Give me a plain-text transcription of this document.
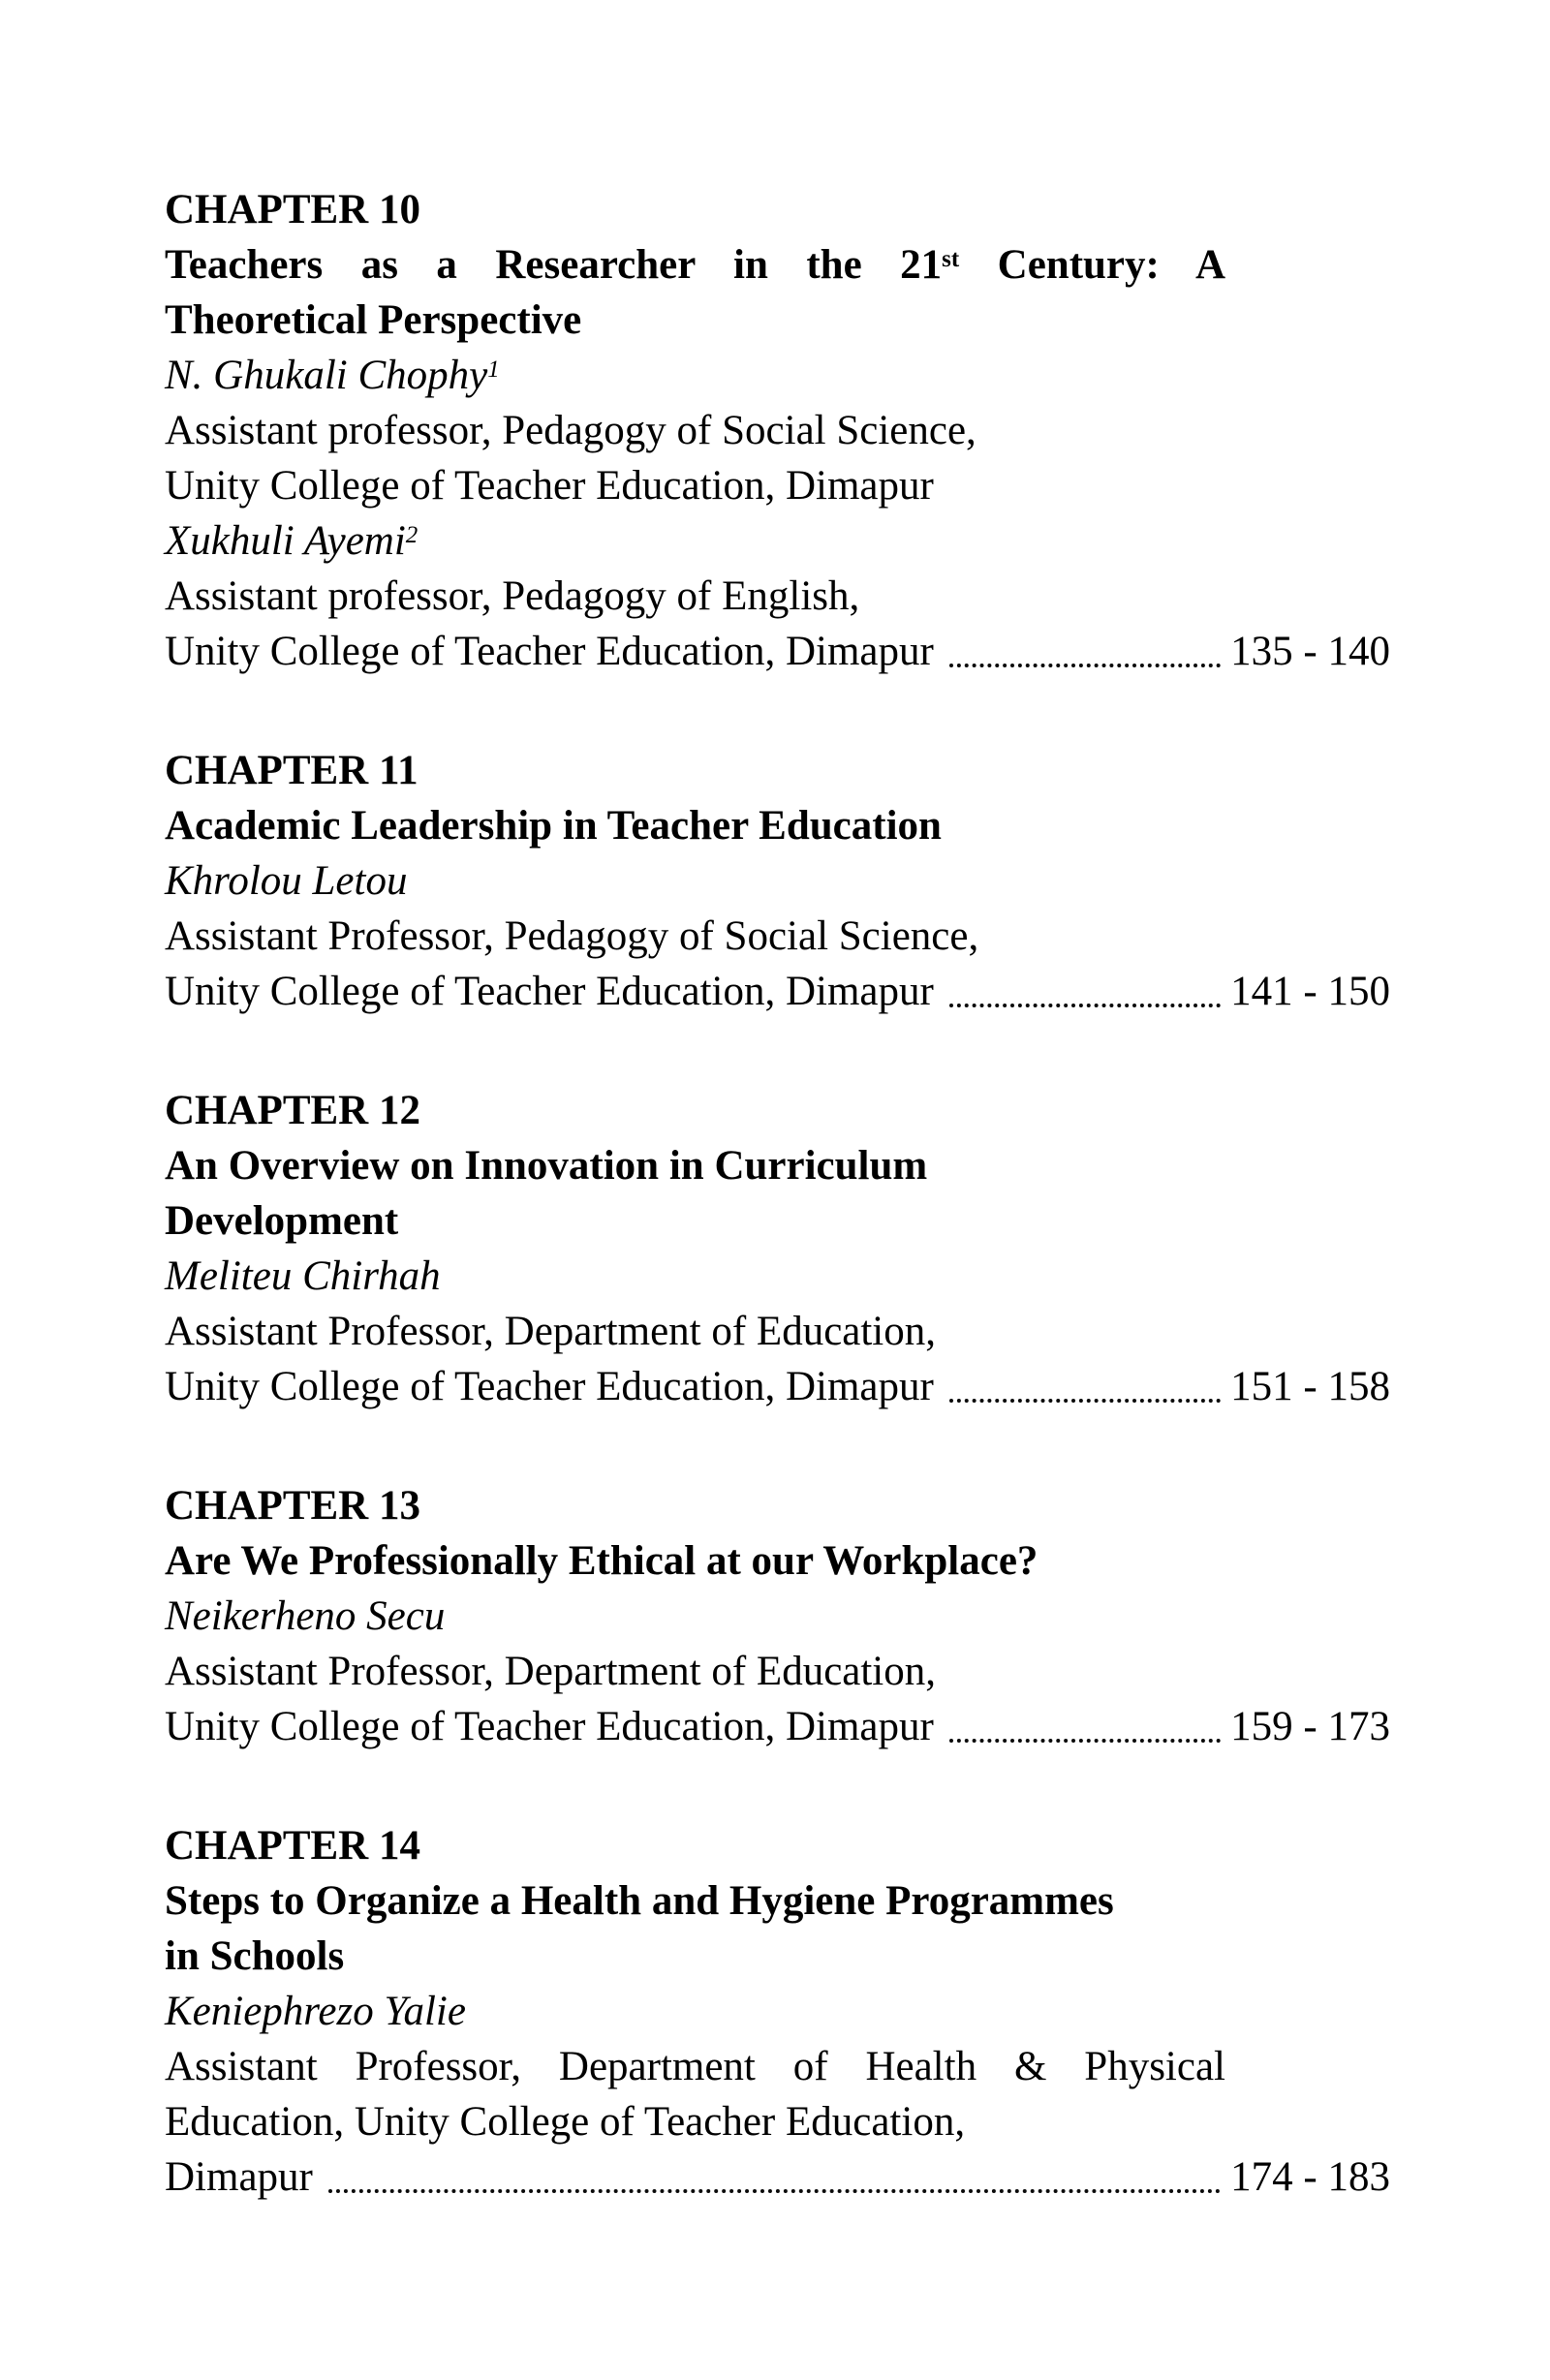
CHAPTER 10
Teachers as a Researcher in the 21st Century: A
Theoretical Perspective
N. Ghukali Chophy$^1$
Assistant professor, Pedagogy of Social Science,
Unity College of Teacher Education, Dimapur
Xukhuli Ayemi$^2$
Assistant professor, Pedagogy of English,
Unity College of Teacher Education, Dimapur	135 - 140
CHAPTER 11
Academic Leadership in Teacher Education
Khrolou Letou
Assistant Professor, Pedagogy of Social Science,
Unity College of Teacher Education, Dimapur	141 - 150
CHAPTER 12
An Overview on Innovation in Curriculum
Development
Meliteu Chirhah
Assistant Professor, Department of Education,
Unity College of Teacher Education, Dimapur	151 - 158
CHAPTER 13
Are We Professionally Ethical at our Workplace?
Neikerheno Secu
Assistant Professor, Department of Education,
Unity College of Teacher Education, Dimapur	159 - 173
CHAPTER 14
Steps to Organize a Health and Hygiene Programmes
in Schools
Keniephrezo Yalie
Assistant Professor, Department of Health & Physical
Education, Unity College of Teacher Education,
Dimapur	174 - 183
